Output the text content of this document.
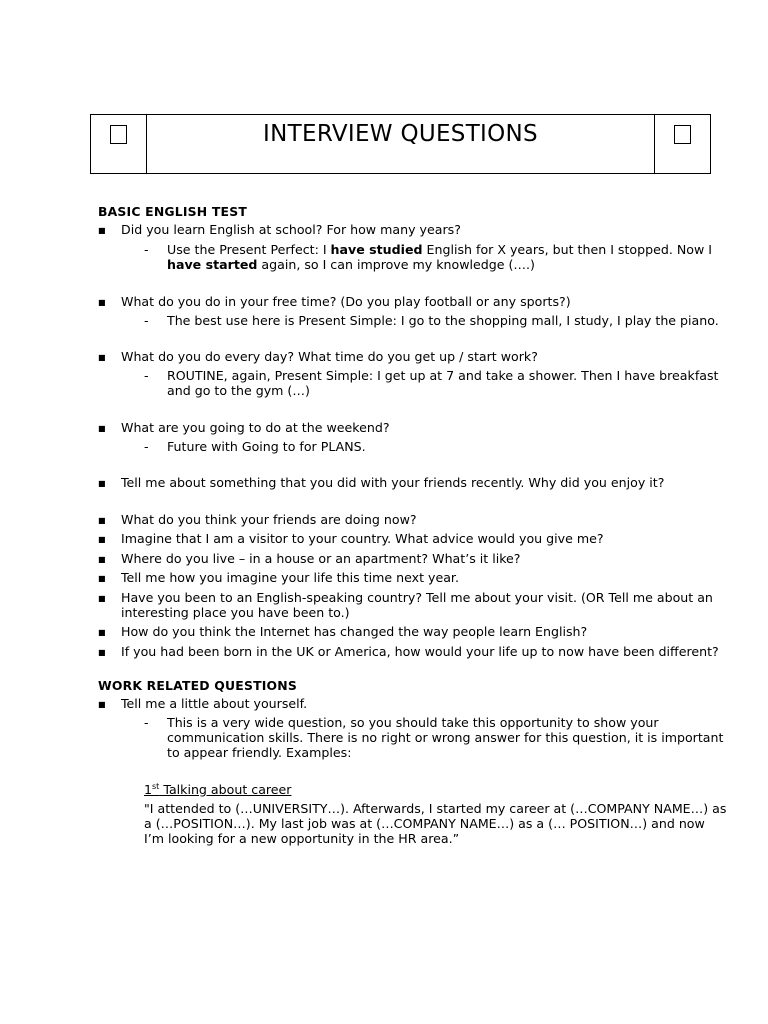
INTERVIEW QUESTIONS
BASIC ENGLISH TEST
■ Did you learn English at school? For how many years?
- Use the Present Perfect: I have studied English for X years, but then I stopped. Now I have started again, so I can improve my knowledge (….)
■ What do you do in your free time? (Do you play football or any sports?)
- The best use here is Present Simple: I go to the shopping mall, I study, I play the piano.
■ What do you do every day? What time do you get up / start work?
- ROUTINE, again, Present Simple: I get up at 7 and take a shower. Then I have breakfast and go to the gym (…)
■ What are you going to do at the weekend?
- Future with Going to for PLANS.
■ Tell me about something that you did with your friends recently. Why did you enjoy it?
■ What do you think your friends are doing now?
■ Imagine that I am a visitor to your country. What advice would you give me?
■ Where do you live – in a house or an apartment? What’s it like?
■ Tell me how you imagine your life this time next year.
■ Have you been to an English-speaking country? Tell me about your visit. (OR Tell me about an interesting place you have been to.)
■ How do you think the Internet has changed the way people learn English?
■ If you had been born in the UK or America, how would your life up to now have been different?
WORK RELATED QUESTIONS
■ Tell me a little about yourself.
- This is a very wide question, so you should take this opportunity to show your communication skills. There is no right or wrong answer for this question, it is important to appear friendly. Examples:
1st Talking about career
"I attended to (…UNIVERSITY…). Afterwards, I started my career at (…COMPANY NAME…) as a (…POSITION…). My last job was at (…COMPANY NAME…) as a (… POSITION…) and now I’m looking for a new opportunity in the HR area.”
